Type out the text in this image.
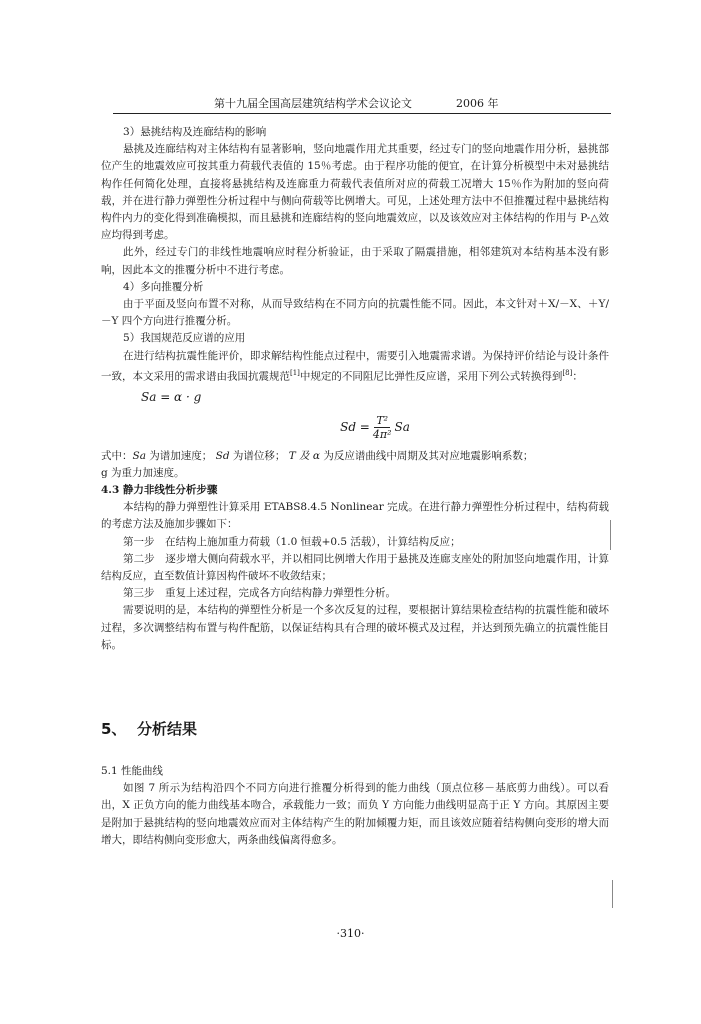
第十九届全国高层建筑结构学术会议论文	2006 年

3）悬挑结构及连廊结构的影响

悬挑及连廊结构对主体结构有显著影响，竖向地震作用尤其重要，经过专门的竖向地震作用分析，悬挑部位产生的地震效应可按其重力荷载代表值的 15％考虑。由于程序功能的便宜，在计算分析模型中未对悬挑结构作任何简化处理，直接将悬挑结构及连廊重力荷载代表值所对应的荷载工况增大 15％作为附加的竖向荷载，并在进行静力弹塑性分析过程中与侧向荷载等比例增大。可见，上述处理方法中不但推覆过程中悬挑结构构件内力的变化得到准确模拟，而且悬挑和连廊结构的竖向地震效应，以及该效应对主体结构的作用与 P-△效应均得到考虑。

此外，经过专门的非线性地震响应时程分析验证，由于采取了隔震措施，相邻建筑对本结构基本没有影响，因此本文的推覆分析中不进行考虑。

4）多向推覆分析

由于平面及竖向布置不对称，从而导致结构在不同方向的抗震性能不同。因此，本文针对＋X/－X、＋Y/－Y 四个方向进行推覆分析。

5）我国规范反应谱的应用

在进行结构抗震性能评价，即求解结构性能点过程中，需要引入地震需求谱。为保持评价结论与设计条件一致，本文采用的需求谱由我国抗震规范[1]中规定的不同阻尼比弹性反应谱，采用下列公式转换得到[8]：

Sa = α · g

$Sd = \frac{\text{T²}}{\text{4π²}}$ Sa

式中：Sa 为谱加速度； Sd 为谱位移； T 及 α 为反应谱曲线中周期及其对应地震影响系数；

g 为重力加速度。

4.3 静力非线性分析步骤

本结构的静力弹塑性计算采用 ETABS8.4.5 Nonlinear 完成。在进行静力弹塑性分析过程中，结构荷载的考虑方法及施加步骤如下：

第一步　在结构上施加重力荷载（1.0 恒载+0.5 活载），计算结构反应；

第二步　逐步增大侧向荷载水平，并以相同比例增大作用于悬挑及连廊支座处的附加竖向地震作用，计算结构反应，直至数值计算因构件破坏不收敛结束；

第三步　重复上述过程，完成各方向结构静力弹塑性分析。

需要说明的是，本结构的弹塑性分析是一个多次反复的过程，要根据计算结果检查结构的抗震性能和破坏过程，多次调整结构布置与构件配筋，以保证结构具有合理的破坏模式及过程，并达到预先确立的抗震性能目标。

5、 分析结果

5.1 性能曲线

如图 7 所示为结构沿四个不同方向进行推覆分析得到的能力曲线（顶点位移－基底剪力曲线）。可以看出，X 正负方向的能力曲线基本吻合，承载能力一致；而负 Y 方向能力曲线明显高于正 Y 方向。其原因主要是附加于悬挑结构的竖向地震效应而对主体结构产生的附加倾覆力矩，而且该效应随着结构侧向变形的增大而增大，即结构侧向变形愈大，两条曲线偏离得愈多。

·310·
